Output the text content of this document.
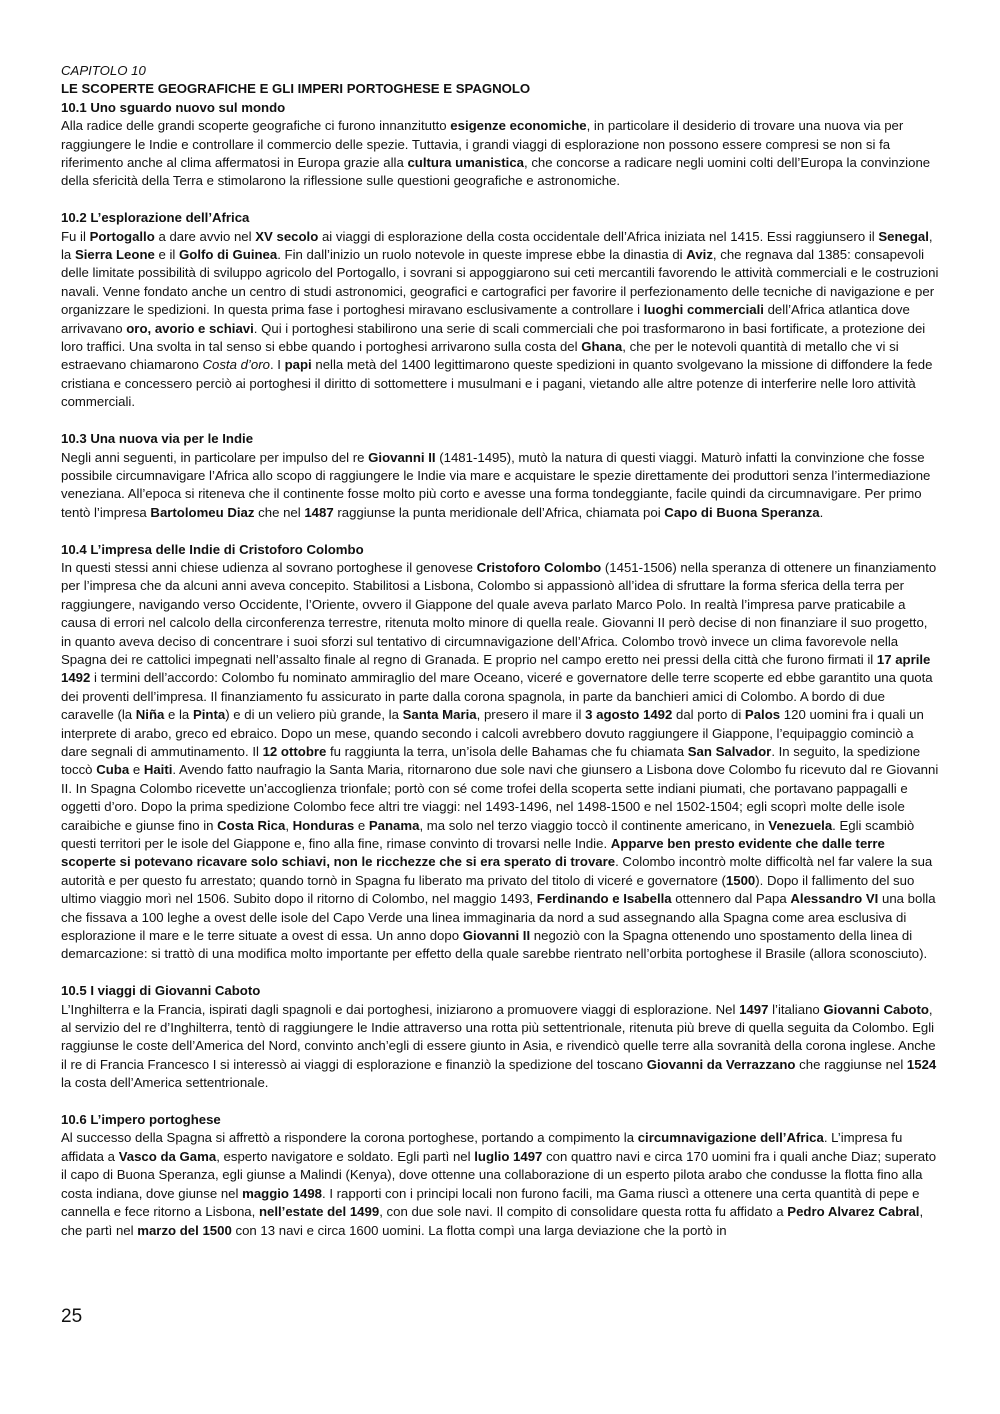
CAPITOLO 10
LE SCOPERTE GEOGRAFICHE E GLI IMPERI PORTOGHESE E SPAGNOLO
10.1 Uno sguardo nuovo sul mondo
Alla radice delle grandi scoperte geografiche ci furono innanzitutto esigenze economiche, in particolare il desiderio di trovare una nuova via per raggiungere le Indie e controllare il commercio delle spezie. Tuttavia, i grandi viaggi di esplorazione non possono essere compresi se non si fa riferimento anche al clima affermatosi in Europa grazie alla cultura umanistica, che concorse a radicare negli uomini colti dell’Europa la convinzione della sfericità della Terra e stimolarono la riflessione sulle questioni geografiche e astronomiche.
10.2 L’esplorazione dell’Africa
Fu il Portogallo a dare avvio nel XV secolo ai viaggi di esplorazione della costa occidentale dell’Africa iniziata nel 1415. Essi raggiunsero il Senegal, la Sierra Leone e il Golfo di Guinea. Fin dall’inizio un ruolo notevole in queste imprese ebbe la dinastia di Aviz, che regnava dal 1385: consapevoli delle limitate possibilità di sviluppo agricolo del Portogallo, i sovrani si appoggiarono sui ceti mercantili favorendo le attività commerciali e le costruzioni navali. Venne fondato anche un centro di studi astronomici, geografici e cartografici per favorire il perfezionamento delle tecniche di navigazione e per organizzare le spedizioni. In questa prima fase i portoghesi miravano esclusivamente a controllare i luoghi commerciali dell’Africa atlantica dove arrivavano oro, avorio e schiavi. Qui i portoghesi stabilirono una serie di scali commerciali che poi trasformarono in basi fortificate, a protezione dei loro traffici. Una svolta in tal senso si ebbe quando i portoghesi arrivarono sulla costa del Ghana, che per le notevoli quantità di metallo che vi si estraevano chiamarono Costa d’oro. I papi nella metà del 1400 legittimarono queste spedizioni in quanto svolgevano la missione di diffondere la fede cristiana e concessero perciò ai portoghesi il diritto di sottomettere i musulmani e i pagani, vietando alle altre potenze di interferire nelle loro attività commerciali.
10.3 Una nuova via per le Indie
Negli anni seguenti, in particolare per impulso del re Giovanni II (1481-1495), mutò la natura di questi viaggi. Maturò infatti la convinzione che fosse possibile circumnavigare l’Africa allo scopo di raggiungere le Indie via mare e acquistare le spezie direttamente dei produttori senza l’intermediazione veneziana. All’epoca si riteneva che il continente fosse molto più corto e avesse una forma tondeggiante, facile quindi da circumnavigare. Per primo tentò l’impresa Bartolomeu Diaz che nel 1487 raggiunse la punta meridionale dell’Africa, chiamata poi Capo di Buona Speranza.
10.4 L’impresa delle Indie di Cristoforo Colombo
In questi stessi anni chiese udienza al sovrano portoghese il genovese Cristoforo Colombo (1451-1506) nella speranza di ottenere un finanziamento per l’impresa che da alcuni anni aveva concepito. Stabilitosi a Lisbona, Colombo si appassionò all’idea di sfruttare la forma sferica della terra per raggiungere, navigando verso Occidente, l’Oriente, ovvero il Giappone del quale aveva parlato Marco Polo. In realtà l’impresa parve praticabile a causa di errori nel calcolo della circonferenza terrestre, ritenuta molto minore di quella reale. Giovanni II però decise di non finanziare il suo progetto, in quanto aveva deciso di concentrare i suoi sforzi sul tentativo di circumnavigazione dell’Africa. Colombo trovò invece un clima favorevole nella Spagna dei re cattolici impegnati nell’assalto finale al regno di Granada. E proprio nel campo eretto nei pressi della città che furono firmati il 17 aprile 1492 i termini dell’accordo: Colombo fu nominato ammiraglio del mare Oceano, viceré e governatore delle terre scoperte ed ebbe garantito una quota dei proventi dell’impresa. Il finanziamento fu assicurato in parte dalla corona spagnola, in parte da banchieri amici di Colombo. A bordo di due caravelle (la Niña e la Pinta) e di un veliero più grande, la Santa Maria, presero il mare il 3 agosto 1492 dal porto di Palos 120 uomini fra i quali un interprete di arabo, greco ed ebraico. Dopo un mese, quando secondo i calcoli avrebbero dovuto raggiungere il Giappone, l’equipaggio cominciò a dare segnali di ammutinamento. Il 12 ottobre fu raggiunta la terra, un’isola delle Bahamas che fu chiamata San Salvador. In seguito, la spedizione toccò Cuba e Haiti. Avendo fatto naufragio la Santa Maria, ritornarono due sole navi che giunsero a Lisbona dove Colombo fu ricevuto dal re Giovanni II. In Spagna Colombo ricevette un’accoglienza trionfale; portò con sé come trofei della scoperta sette indiani piumati, che portavano pappagalli e oggetti d’oro. Dopo la prima spedizione Colombo fece altri tre viaggi: nel 1493-1496, nel 1498-1500 e nel 1502-1504; egli scoprì molte delle isole caraibiche e giunse fino in Costa Rica, Honduras e Panama, ma solo nel terzo viaggio toccò il continente americano, in Venezuela. Egli scambiò questi territori per le isole del Giappone e, fino alla fine, rimase convinto di trovarsi nelle Indie. Apparve ben presto evidente che dalle terre scoperte si potevano ricavare solo schiavi, non le ricchezze che si era sperato di trovare. Colombo incontrò molte difficoltà nel far valere la sua autorità e per questo fu arrestato; quando tornò in Spagna fu liberato ma privato del titolo di viceré e governatore (1500). Dopo il fallimento del suo ultimo viaggio morì nel 1506. Subito dopo il ritorno di Colombo, nel maggio 1493, Ferdinando e Isabella ottennero dal Papa Alessandro VI una bolla che fissava a 100 leghe a ovest delle isole del Capo Verde una linea immaginaria da nord a sud assegnando alla Spagna come area esclusiva di esplorazione il mare e le terre situate a ovest di essa. Un anno dopo Giovanni II negoziò con la Spagna ottenendo uno spostamento della linea di demarcazione: si trattò di una modifica molto importante per effetto della quale sarebbe rientrato nell’orbita portoghese il Brasile (allora sconosciuto).
10.5 I viaggi di Giovanni Caboto
L’Inghilterra e la Francia, ispirati dagli spagnoli e dai portoghesi, iniziarono a promuovere viaggi di esplorazione. Nel 1497 l’italiano Giovanni Caboto, al servizio del re d’Inghilterra, tentò di raggiungere le Indie attraverso una rotta più settentrionale, ritenuta più breve di quella seguita da Colombo. Egli raggiunse le coste dell’America del Nord, convinto anch’egli di essere giunto in Asia, e rivendicò quelle terre alla sovranità della corona inglese. Anche il re di Francia Francesco I si interessò ai viaggi di esplorazione e finanziò la spedizione del toscano Giovanni da Verrazzano che raggiunse nel 1524 la costa dell’America settentrionale.
10.6 L’impero portoghese
Al successo della Spagna si affrettò a rispondere la corona portoghese, portando a compimento la circumnavigazione dell’Africa. L’impresa fu affidata a Vasco da Gama, esperto navigatore e soldato. Egli partì nel luglio 1497 con quattro navi e circa 170 uomini fra i quali anche Diaz; superato il capo di Buona Speranza, egli giunse a Malindi (Kenya), dove ottenne una collaborazione di un esperto pilota arabo che condusse la flotta fino alla costa indiana, dove giunse nel maggio 1498. I rapporti con i principi locali non furono facili, ma Gama riuscì a ottenere una certa quantità di pepe e cannella e fece ritorno a Lisbona, nell’estate del 1499, con due sole navi. Il compito di consolidare questa rotta fu affidato a Pedro Alvarez Cabral, che partì nel marzo del 1500 con 13 navi e circa 1600 uomini. La flotta compì una larga deviazione che la portò in
25
